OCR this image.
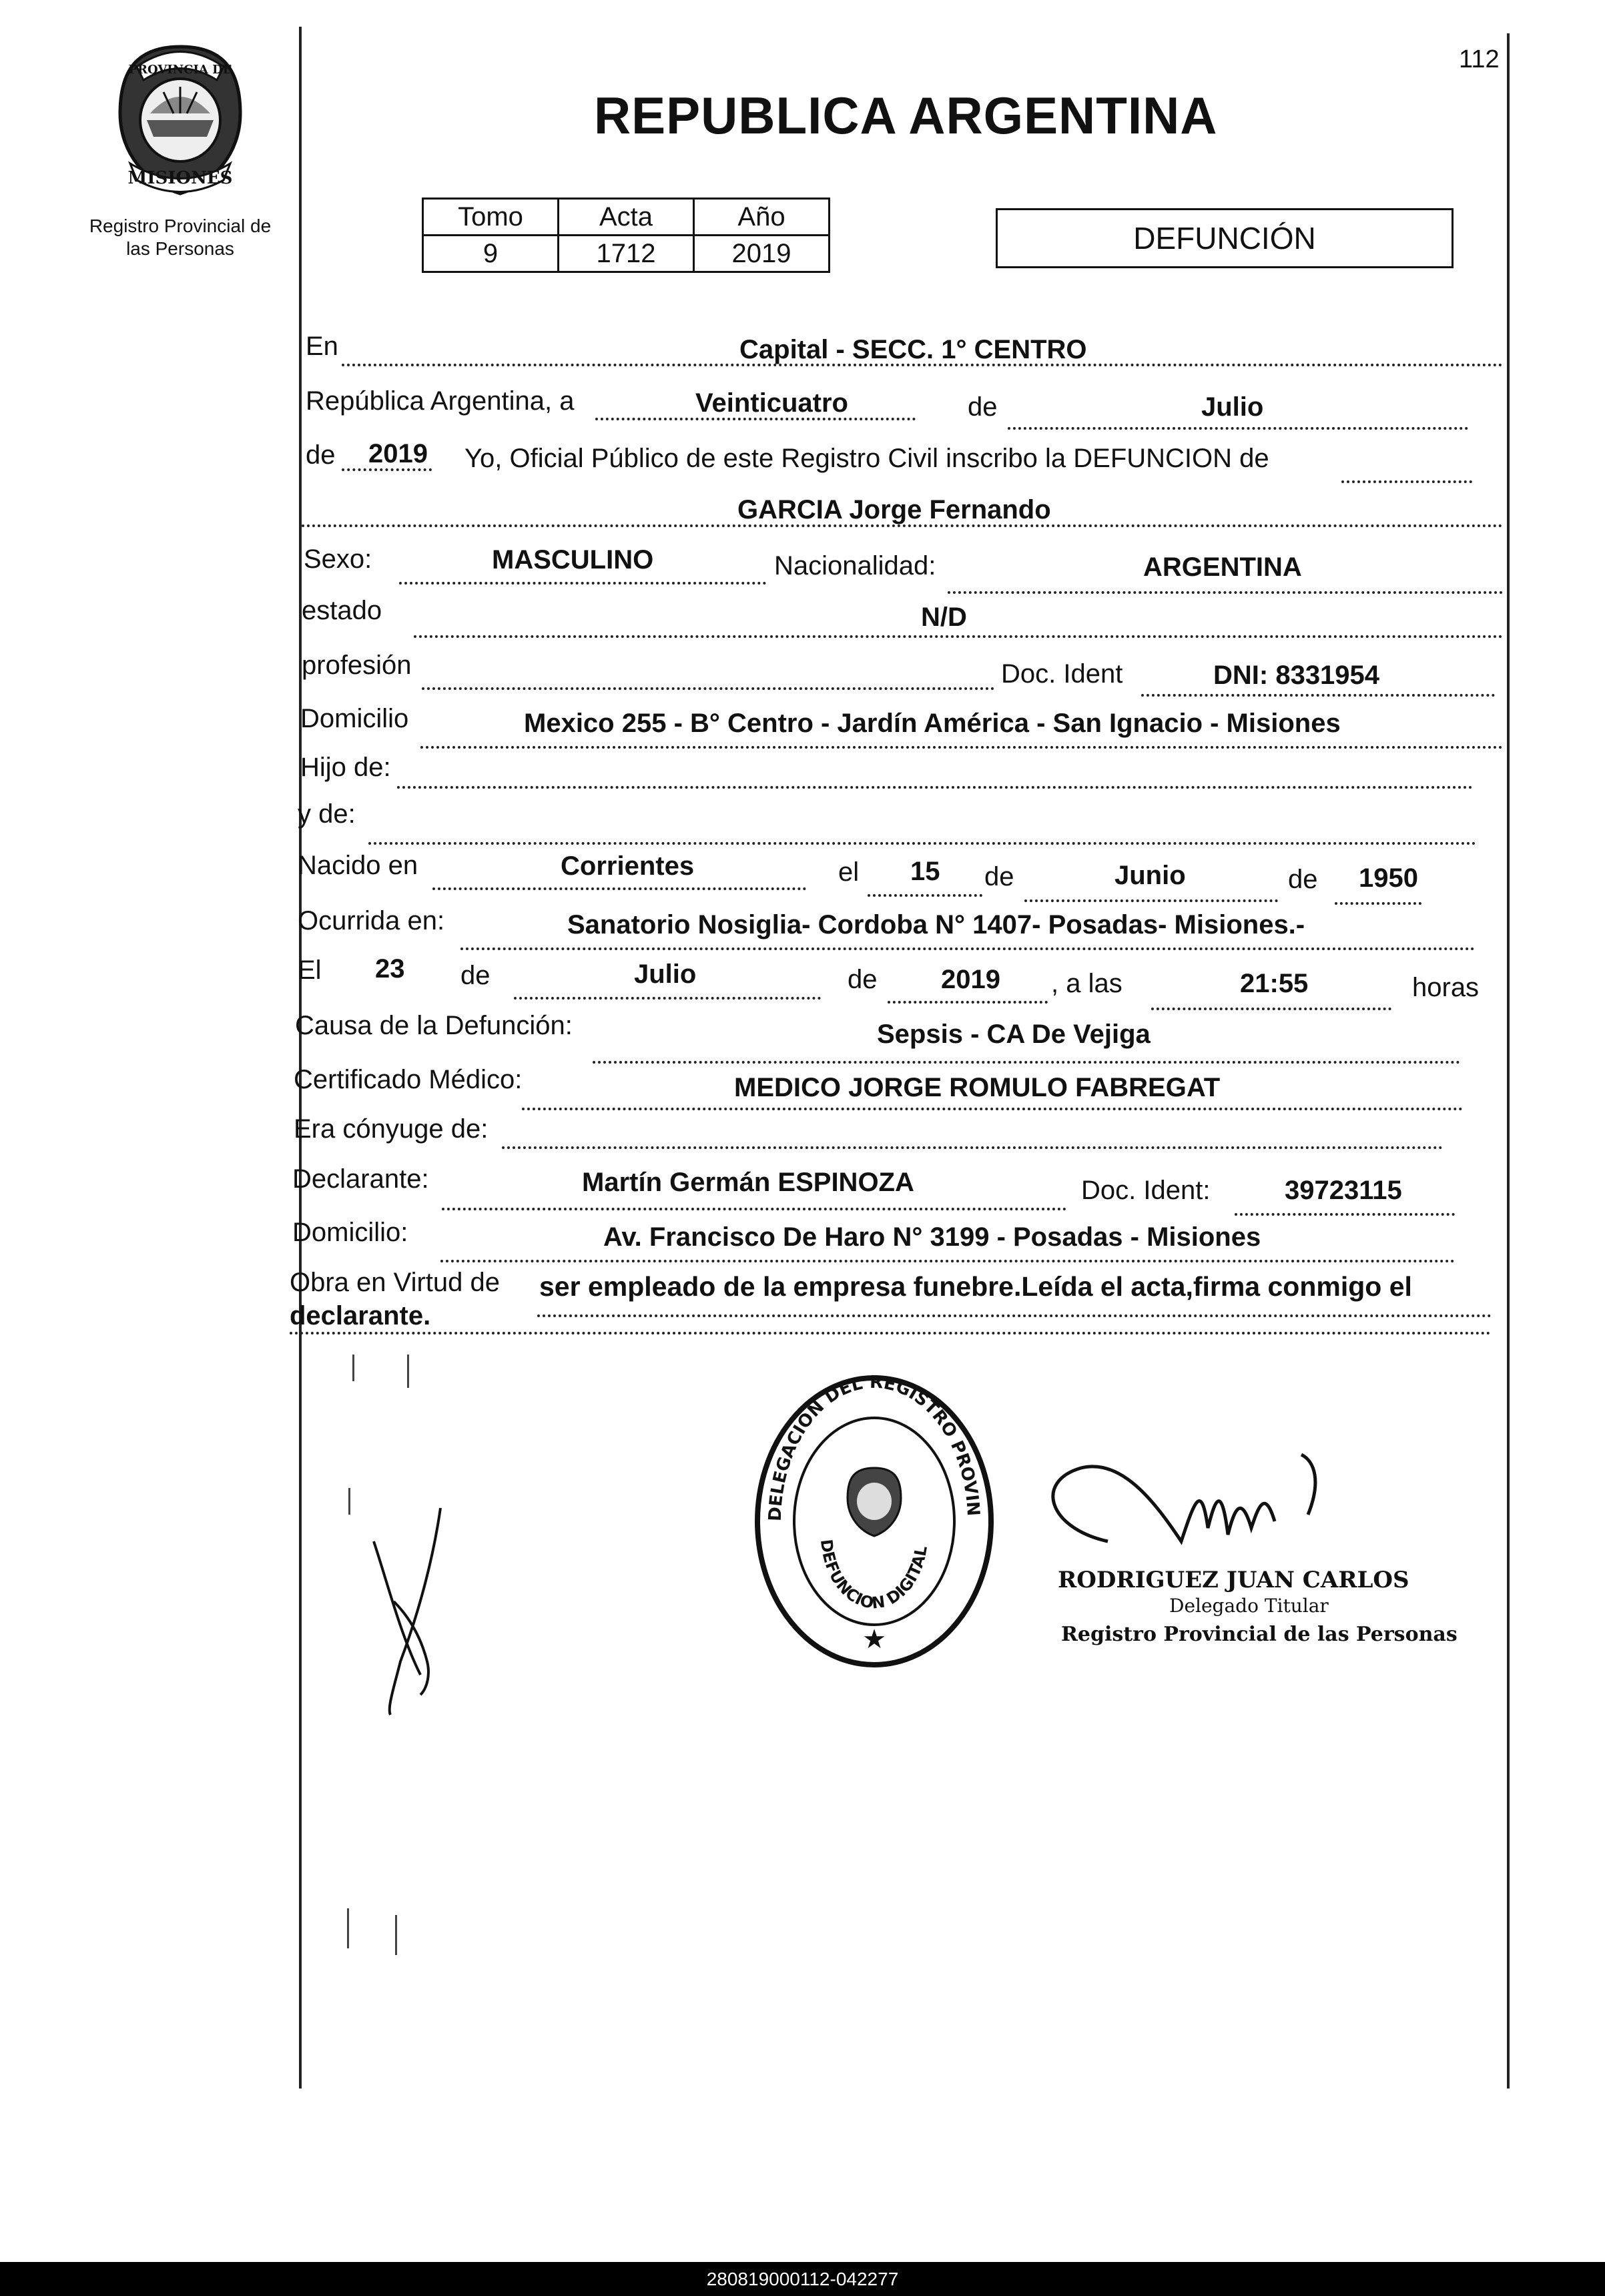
112
PROVINCIA DE
MISIONES
Registro Provincial de
las Personas
REPUBLICA ARGENTINA
Tomo	Acta	Año
9	1712	2019	DEFUNCIÓN
En	Capital - SECC. 1° CENTRO
República Argentina, a	Veinticuatro	de	Julio
de 2019 Yo, Oficial Público de este Registro Civil inscribo la DEFUNCION de
GARCIA Jorge Fernando
Sexo:	MASCULINO	Nacionalidad:	ARGENTINA
estado	N/D
profesión	Doc. Ident	DNI: 8331954
Domicilio	Mexico 255 - B° Centro - Jardín América - San Ignacio - Misiones
Hijo de:
y de:
Nacido en	Corrientes	el 15 de	Junio	de 1950
Ocurrida en:	Sanatorio Nosiglia- Cordoba N° 1407- Posadas- Misiones.-
El 23 de	Julio	de 2019 , a las	21:55	horas
Causa de la Defunción:	Sepsis - CA De Vejiga
Certificado Médico:	MEDICO JORGE ROMULO FABREGAT
Era cónyuge de:
Declarante:	Martín Germán ESPINOZA	Doc. Ident:	39723115
Domicilio:	Av. Francisco De Haro N° 3199 - Posadas - Misiones
Obra en Virtud de ser empleado de la empresa funebre.Leída el acta,firma conmigo el
declarante.
DELEGACION DEL REGISTRO PROVIN
DEFUNCION DIGITAL
★
RODRIGUEZ JUAN CARLOS
Delegado Titular
Registro Provincial de las Personas
280819000112-042277
